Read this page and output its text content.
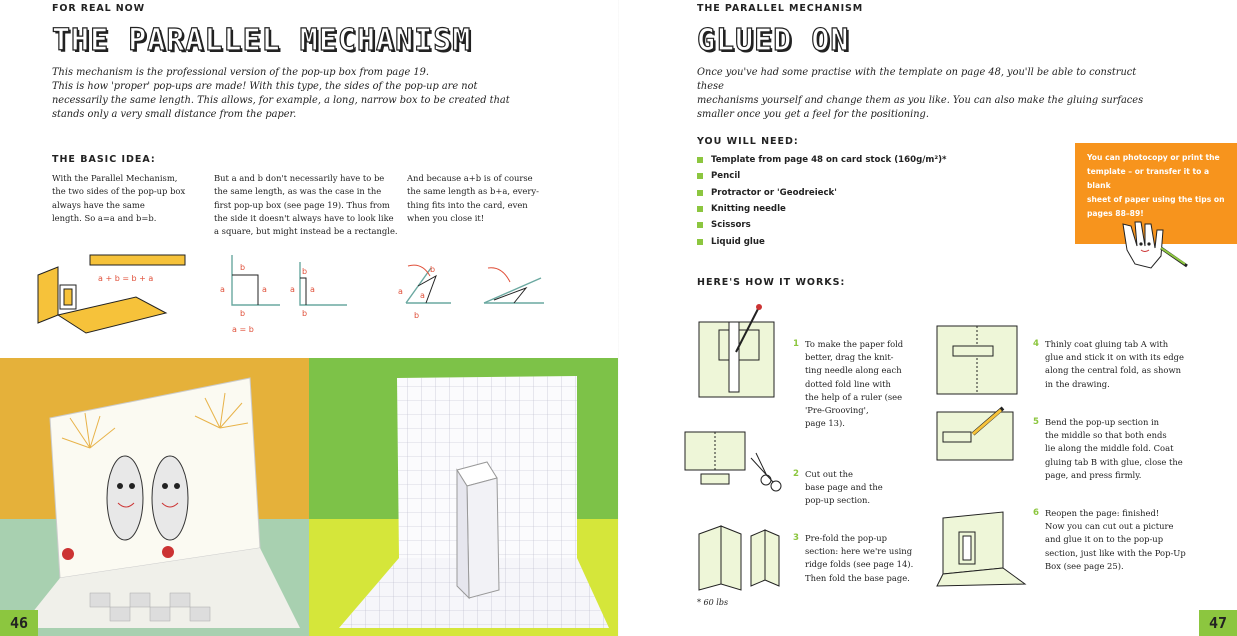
FOR REAL NOW
THE PARALLEL MECHANISM

This mechanism is the professional version of the pop-up box from page 19.

This is how 'proper' pop-ups are made! With this type, the sides of the pop-up are not

necessarily the same length. This allows, for example, a long, narrow box to be created that

stands only a very small distance from the paper.

THE BASIC IDEA:
With the Parallel Mechanism,
the two sides of the pop-up box
always have the same
length. So a=a and b=b.
But a and b don't necessarily have to be
the same length, as was the case in the
first pop-up box (see page 19). Thus from
the side it doesn't always have to look like
a square, but might instead be a rectangle.
And because a+b is of course
the same length as b+a, every-
thing fits into the card, even
when you close it!
a + b = b + a
a	a
b
b
a = b
a a
b
b
a
b
a
b
46
THE PARALLEL MECHANISM
GLUED ON

Once you've had some practise with the template on page 48, you'll be able to construct these

mechanisms yourself and change them as you like. You can also make the gluing surfaces

smaller once you get a feel for the positioning.

YOU WILL NEED:
Template from page 48 on card stock (160g/m²)*
Pencil
Protractor or 'Geodreieck'
Knitting needle
Scissors
Liquid glue
You can photocopy or print the
template – or transfer it to a blank
sheet of paper using the tips on
pages 88–89!
HERE'S HOW IT WORKS:
1 To make the paper fold
better, drag the knit-
ting needle along each
dotted fold line with
the help of a ruler (see
'Pre-Grooving',
page 13).
2 Cut out the
base page and the
pop-up section.
3 Pre-fold the pop-up
section: here we're using
ridge folds (see page 14).
Then fold the base page.
4 Thinly coat gluing tab A with
glue and stick it on with its edge
along the central fold, as shown
in the drawing.
5 Bend the pop-up section in
the middle so that both ends
lie along the middle fold. Coat
gluing tab B with glue, close the
page, and press firmly.
6 Reopen the page: finished!
Now you can cut out a picture
and glue it on to the pop-up
section, just like with the Pop-Up
Box (see page 25).
* 60 lbs
47
